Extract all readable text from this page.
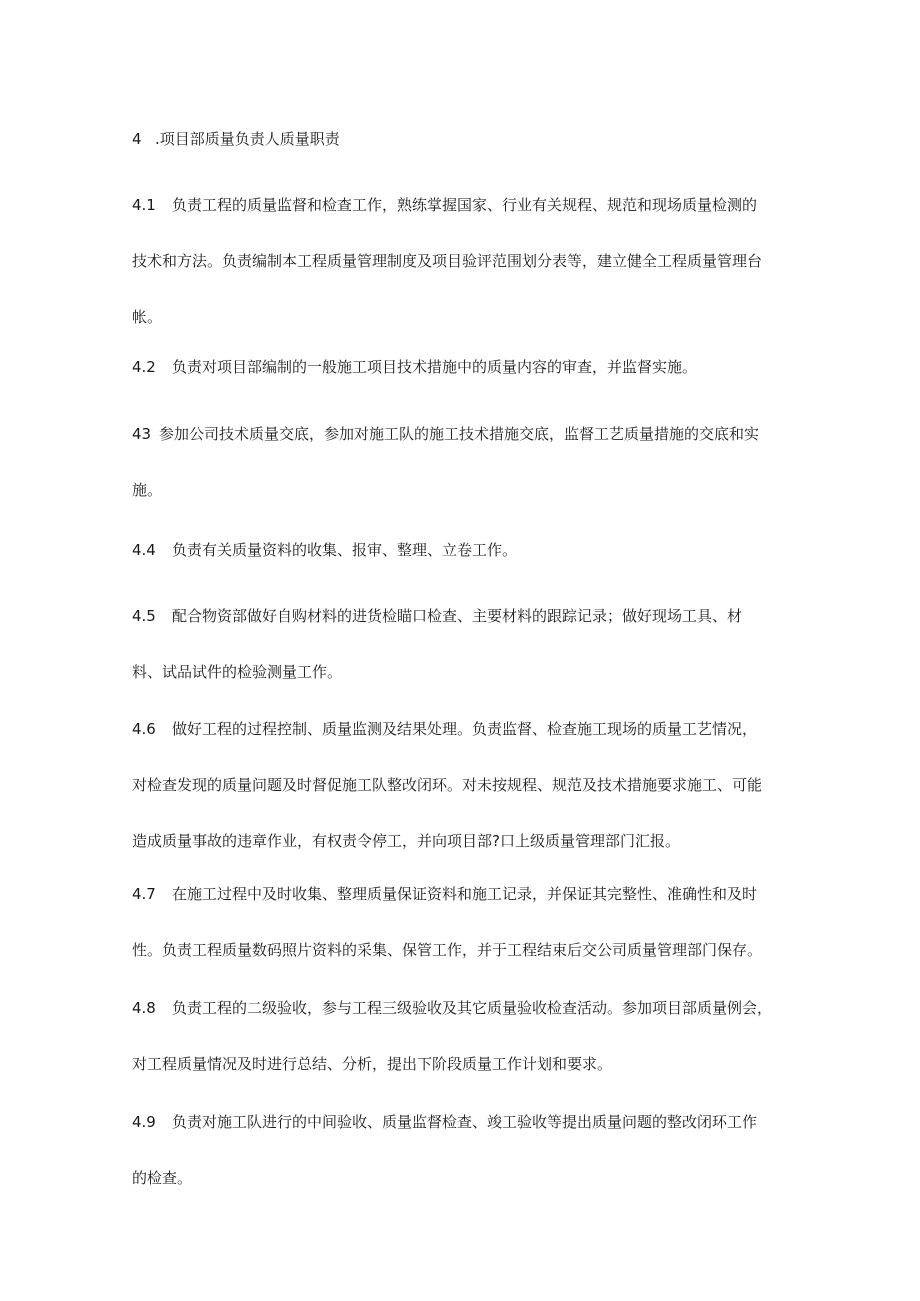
4 .项目部质量负责人质量职责
4.1 负责工程的质量监督和检查工作，熟练掌握国家、行业有关规程、规范和现场质量检测的
技术和方法。负责编制本工程质量管理制度及项目验评范围划分表等，建立健全工程质量管理台
帐。
4.2 负责对项目部编制的一般施工项目技术措施中的质量内容的审查，并监督实施。
43 参加公司技术质量交底，参加对施工队的施工技术措施交底，监督工艺质量措施的交底和实
施。
4.4 负责有关质量资料的收集、报审、整理、立卷工作。
4.5 配合物资部做好自购材料的进货检瞄口检查、主要材料的跟踪记录；做好现场工具、材
料、试品试件的检验测量工作。
4.6 做好工程的过程控制、质量监测及结果处理。负责监督、检查施工现场的质量工艺情况，
对检查发现的质量问题及时督促施工队整改闭环。对未按规程、规范及技术措施要求施工、可能
造成质量事故的违章作业，有权责令停工，并向项目部?口上级质量管理部门汇报。
4.7 在施工过程中及时收集、整理质量保证资料和施工记录，并保证其完整性、准确性和及时
性。负责工程质量数码照片资料的采集、保管工作，并于工程结束后交公司质量管理部门保存。
4.8 负责工程的二级验收，参与工程三级验收及其它质量验收检查活动。参加项目部质量例会，
对工程质量情况及时进行总结、分析，提出下阶段质量工作计划和要求。
4.9 负责对施工队进行的中间验收、质量监督检查、竣工验收等提出质量问题的整改闭环工作
的检查。
